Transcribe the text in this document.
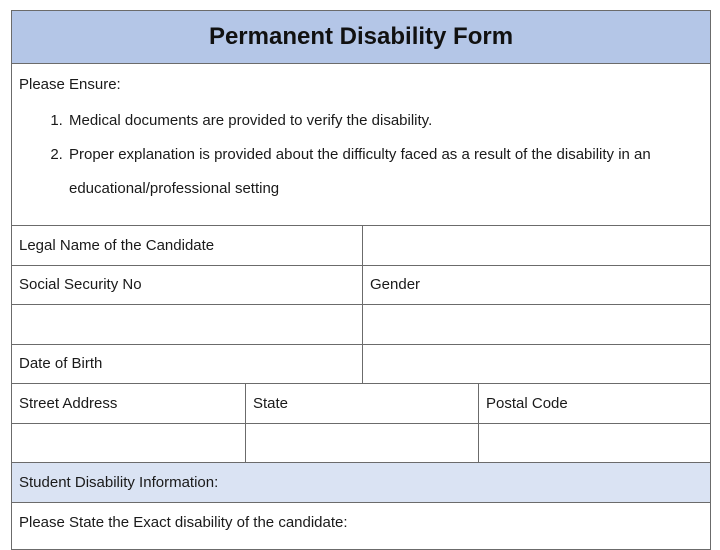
Permanent Disability Form
Please Ensure:
1. Medical documents are provided to verify the disability.
2. Proper explanation is provided about the difficulty faced as a result of the disability in an educational/professional setting
Legal Name of the Candidate
Social Security No	Gender
Date of Birth
Street Address	State	Postal Code
Student Disability Information:
Please State the Exact disability of the candidate:
